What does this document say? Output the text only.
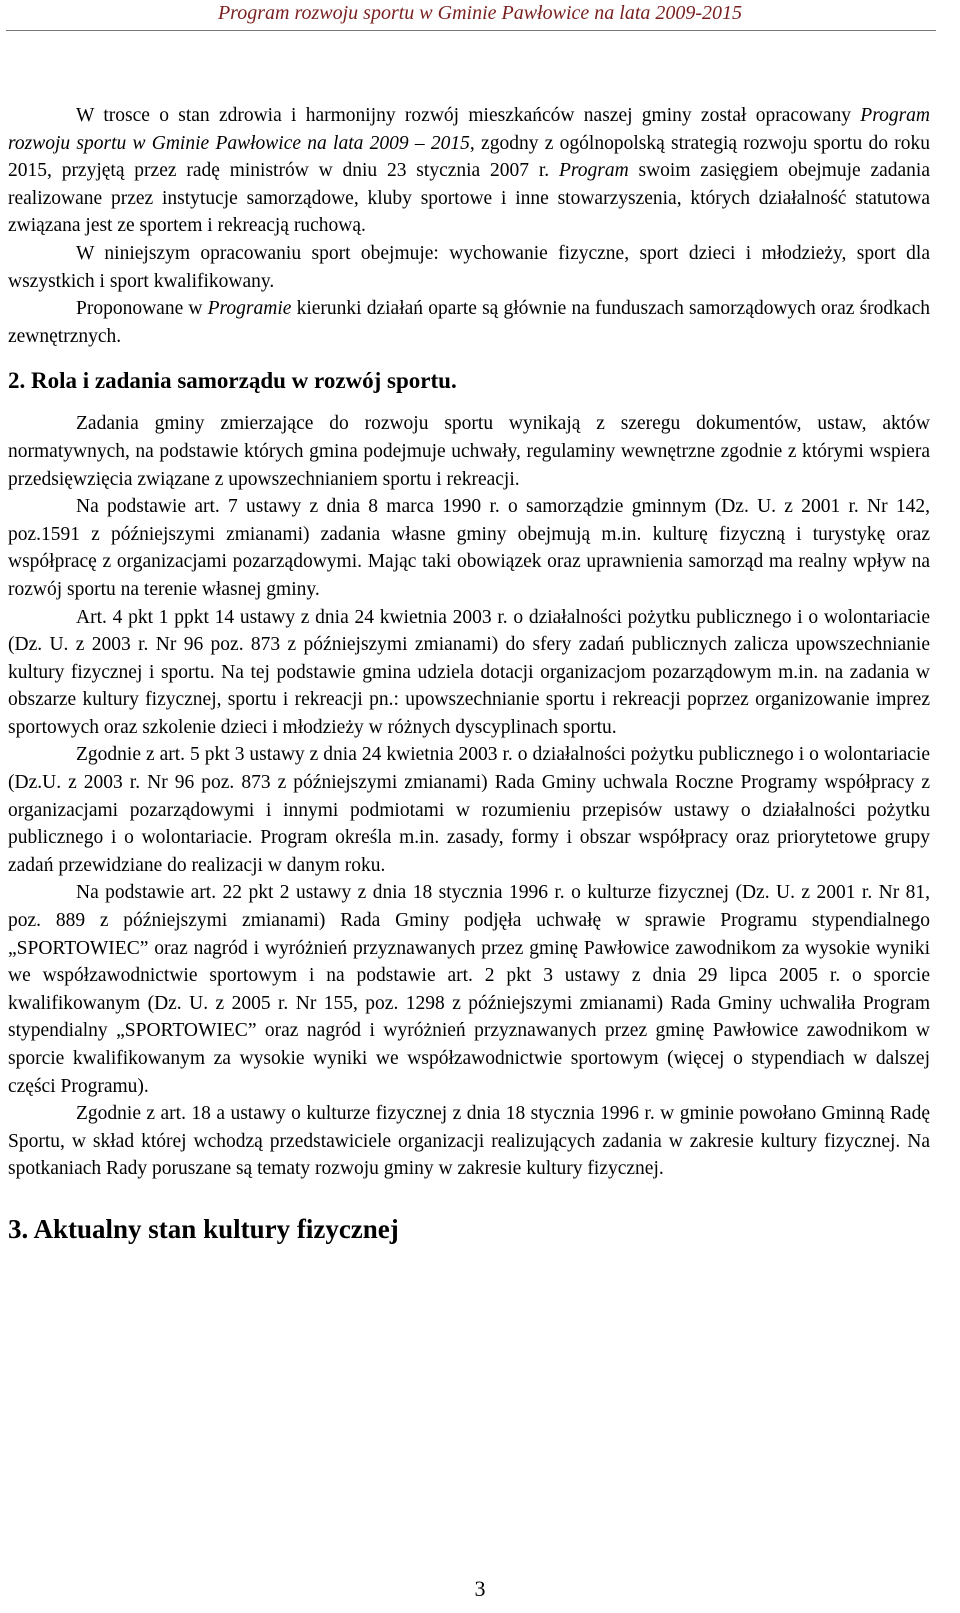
Program rozwoju sportu w Gminie Pawłowice na lata 2009-2015

W trosce o stan zdrowia i harmonijny rozwój mieszkańców naszej gminy został opracowany Program rozwoju sportu w Gminie Pawłowice na lata 2009 – 2015, zgodny z ogólnopolską strategią rozwoju sportu do roku 2015, przyjętą przez radę ministrów w dniu 23 stycznia 2007 r. Program swoim zasięgiem obejmuje zadania realizowane przez instytucje samorządowe, kluby sportowe i inne stowarzyszenia, których działalność statutowa związana jest ze sportem i rekreacją ruchową.

W niniejszym opracowaniu sport obejmuje: wychowanie fizyczne, sport dzieci i młodzieży, sport dla wszystkich i sport kwalifikowany.

Proponowane w Programie kierunki działań oparte są głównie na funduszach samorządowych oraz środkach zewnętrznych.

2. Rola i zadania samorządu w rozwój sportu.

Zadania gminy zmierzające do rozwoju sportu wynikają z szeregu dokumentów, ustaw, aktów normatywnych, na podstawie których gmina podejmuje uchwały, regulaminy wewnętrzne zgodnie z którymi wspiera przedsięwzięcia związane z upowszechnianiem sportu i rekreacji.

Na podstawie art. 7 ustawy z dnia 8 marca 1990 r. o samorządzie gminnym (Dz. U. z 2001 r. Nr 142, poz.1591 z późniejszymi zmianami) zadania własne gminy obejmują m.in. kulturę fizyczną i turystykę oraz współpracę z organizacjami pozarządowymi. Mając taki obowiązek oraz uprawnienia samorząd ma realny wpływ na rozwój sportu na terenie własnej gminy.

Art. 4 pkt 1 ppkt 14 ustawy z dnia 24 kwietnia 2003 r. o działalności pożytku publicznego i o wolontariacie (Dz. U. z 2003 r. Nr 96 poz. 873 z późniejszymi zmianami) do sfery zadań publicznych zalicza upowszechnianie kultury fizycznej i sportu. Na tej podstawie gmina udziela dotacji organizacjom pozarządowym m.in. na zadania w obszarze kultury fizycznej, sportu i rekreacji pn.: upowszechnianie sportu i rekreacji poprzez organizowanie imprez sportowych oraz szkolenie dzieci i młodzieży w różnych dyscyplinach sportu.

Zgodnie z art. 5 pkt 3 ustawy z dnia 24 kwietnia 2003 r. o działalności pożytku publicznego i o wolontariacie (Dz.U. z 2003 r. Nr 96 poz. 873 z późniejszymi zmianami) Rada Gminy uchwala Roczne Programy współpracy z organizacjami pozarządowymi i innymi podmiotami w rozumieniu przepisów ustawy o działalności pożytku publicznego i o wolontariacie. Program określa m.in. zasady, formy i obszar współpracy oraz priorytetowe grupy zadań przewidziane do realizacji w danym roku.

Na podstawie art. 22 pkt 2 ustawy z dnia 18 stycznia 1996 r. o kulturze fizycznej (Dz. U. z 2001 r. Nr 81, poz. 889 z późniejszymi zmianami) Rada Gminy podjęła uchwałę w sprawie Programu stypendialnego „SPORTOWIEC” oraz nagród i wyróżnień przyznawanych przez gminę Pawłowice zawodnikom za wysokie wyniki we współzawodnictwie sportowym i na podstawie art. 2 pkt 3 ustawy z dnia 29 lipca 2005 r. o sporcie kwalifikowanym (Dz. U. z 2005 r. Nr 155, poz. 1298 z późniejszymi zmianami) Rada Gminy uchwaliła Program stypendialny „SPORTOWIEC” oraz nagród i wyróżnień przyznawanych przez gminę Pawłowice zawodnikom w sporcie kwalifikowanym za wysokie wyniki we współzawodnictwie sportowym (więcej o stypendiach w dalszej części Programu).

Zgodnie z art. 18 a ustawy o kulturze fizycznej z dnia 18 stycznia 1996 r. w gminie powołano Gminną Radę Sportu, w skład której wchodzą przedstawiciele organizacji realizujących zadania w zakresie kultury fizycznej. Na spotkaniach Rady poruszane są tematy rozwoju gminy w zakresie kultury fizycznej.

3. Aktualny stan kultury fizycznej
3
